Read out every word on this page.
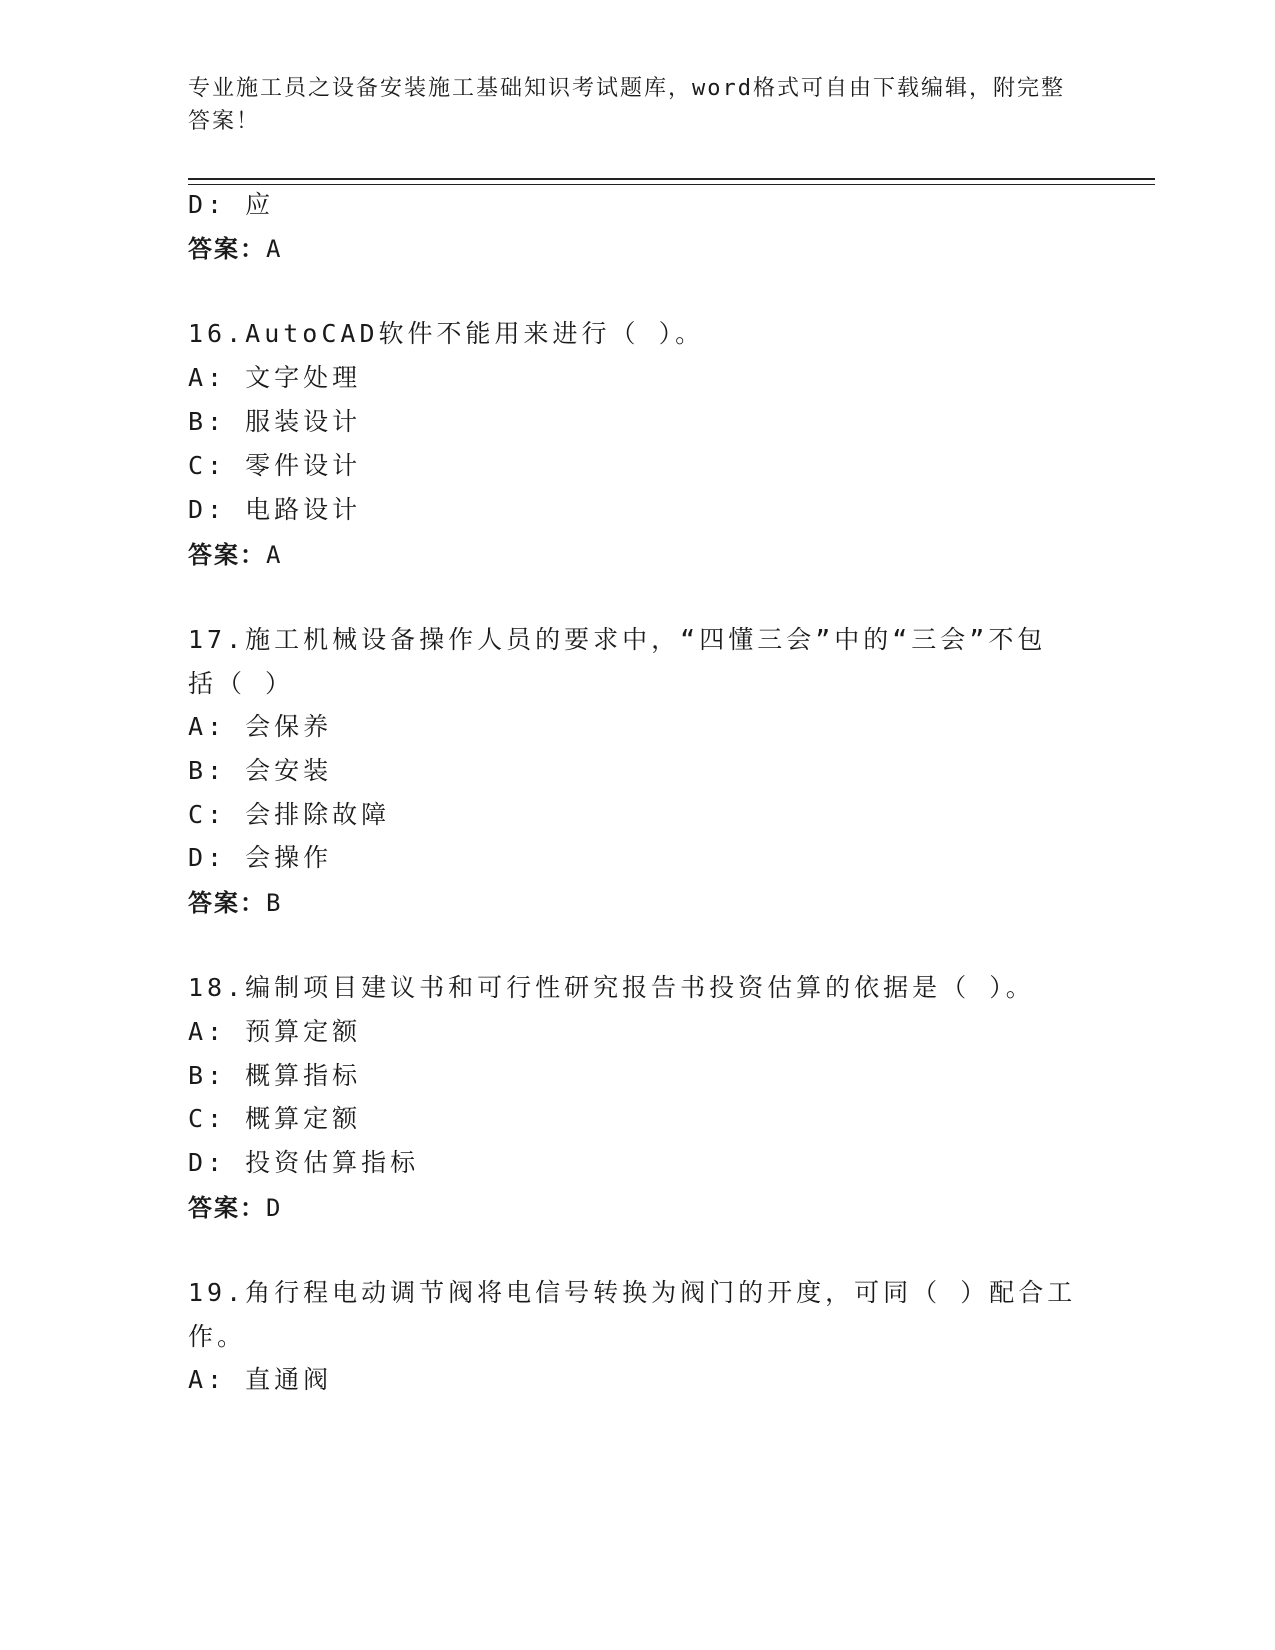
专业施工员之设备安装施工基础知识考试题库，word格式可自由下载编辑，附完整答案！
D: 应
答案：A
16.AutoCAD软件不能用来进行（ ）。
A: 文字处理
B: 服装设计
C: 零件设计
D: 电路设计
答案：A
17.施工机械设备操作人员的要求中，“四懂三会”中的“三会”不包
括（ ）
A: 会保养
B: 会安装
C: 会排除故障
D: 会操作
答案：B
18.编制项目建议书和可行性研究报告书投资估算的依据是（ ）。
A: 预算定额
B: 概算指标
C: 概算定额
D: 投资估算指标
答案：D
19.角行程电动调节阀将电信号转换为阀门的开度，可同（ ）配合工
作。
A: 直通阀
